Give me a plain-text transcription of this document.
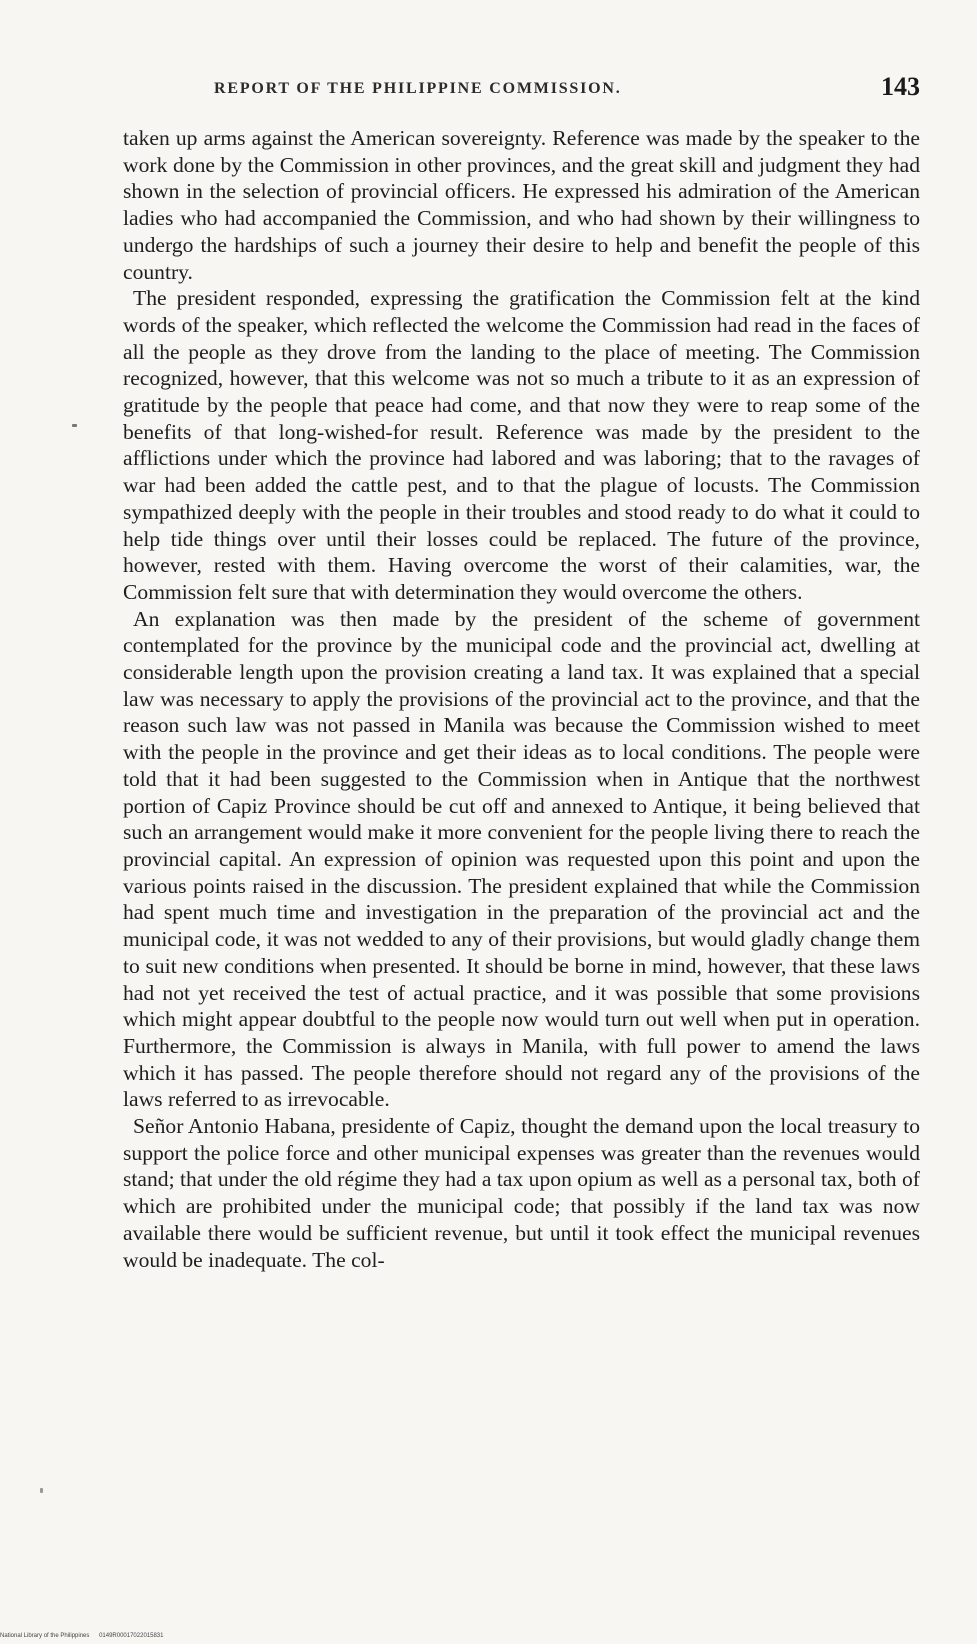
REPORT OF THE PHILIPPINE COMMISSION.	143

taken up arms against the American sovereignty. Reference was made by the speaker to the work done by the Commission in other provinces, and the great skill and judgment they had shown in the selection of provincial officers. He expressed his admiration of the American ladies who had accompanied the Commission, and who had shown by their willingness to undergo the hardships of such a journey their desire to help and benefit the people of this country.

The president responded, expressing the gratification the Commission felt at the kind words of the speaker, which reflected the welcome the Commission had read in the faces of all the people as they drove from the landing to the place of meeting. The Commission recognized, however, that this welcome was not so much a tribute to it as an expression of gratitude by the people that peace had come, and that now they were to reap some of the benefits of that long-wished-for result. Reference was made by the president to the afflictions under which the province had labored and was laboring; that to the ravages of war had been added the cattle pest, and to that the plague of locusts. The Commission sympathized deeply with the people in their troubles and stood ready to do what it could to help tide things over until their losses could be replaced. The future of the province, however, rested with them. Having overcome the worst of their calamities, war, the Commission felt sure that with determination they would overcome the others.

An explanation was then made by the president of the scheme of government contemplated for the province by the municipal code and the provincial act, dwelling at considerable length upon the provision creating a land tax. It was explained that a special law was necessary to apply the provisions of the provincial act to the province, and that the reason such law was not passed in Manila was because the Commission wished to meet with the people in the province and get their ideas as to local conditions. The people were told that it had been suggested to the Commission when in Antique that the northwest portion of Capiz Province should be cut off and annexed to Antique, it being believed that such an arrangement would make it more convenient for the people living there to reach the provincial capital. An expression of opinion was requested upon this point and upon the various points raised in the discussion. The president explained that while the Commission had spent much time and investigation in the preparation of the provincial act and the municipal code, it was not wedded to any of their provisions, but would gladly change them to suit new conditions when presented. It should be borne in mind, however, that these laws had not yet received the test of actual practice, and it was possible that some provisions which might appear doubtful to the people now would turn out well when put in operation. Furthermore, the Commission is always in Manila, with full power to amend the laws which it has passed. The people therefore should not regard any of the provisions of the laws referred to as irrevocable.

Señor Antonio Habana, presidente of Capiz, thought the demand upon the local treasury to support the police force and other municipal expenses was greater than the revenues would stand; that under the old régime they had a tax upon opium as well as a personal tax, both of which are prohibited under the municipal code; that possibly if the land tax was now available there would be sufficient revenue, but until it took effect the municipal revenues would be inadequate. The col-

National Library of the Philippines 0149R00017022015831
